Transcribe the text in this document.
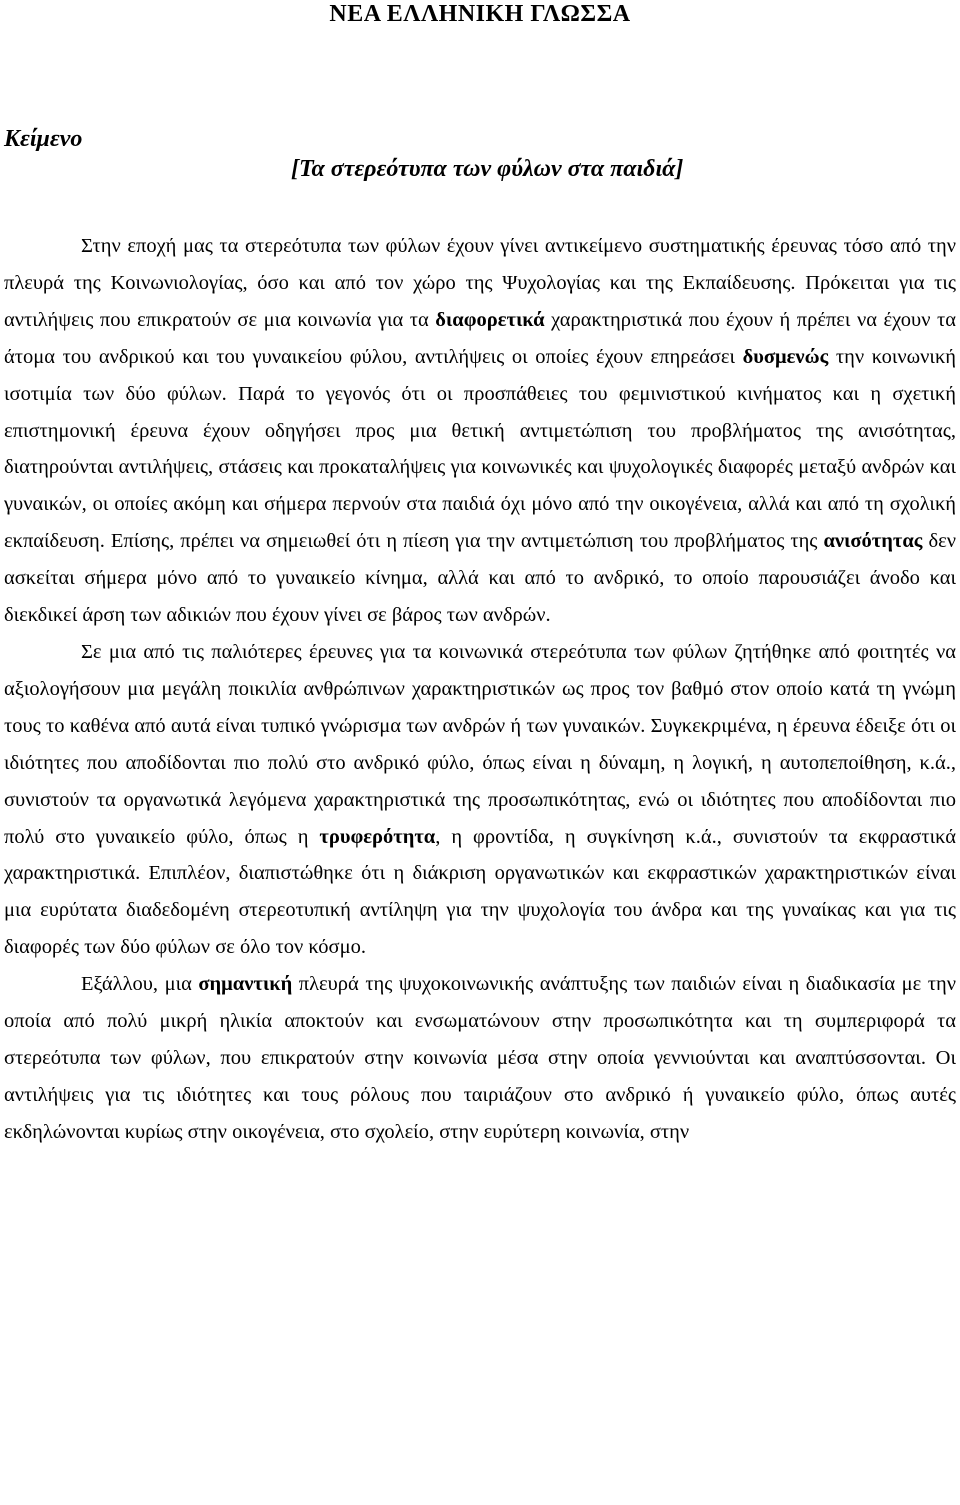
ΝΕΑ ΕΛΛΗΝΙΚΗ ΓΛΩΣΣΑ
Κείμενο
[Τα στερεότυπα των φύλων στα παιδιά]

Στην εποχή μας τα στερεότυπα των φύλων έχουν γίνει αντικείμενο συστηματικής έρευνας τόσο από την πλευρά της Κοινωνιολογίας, όσο και από τον χώρο της Ψυχολογίας και της Εκπαίδευσης. Πρόκειται για τις αντιλήψεις που επικρατούν σε μια κοινωνία για τα διαφορετικά χαρακτηριστικά που έχουν ή πρέπει να έχουν τα άτομα του ανδρικού και του γυναικείου φύλου, αντιλήψεις οι οποίες έχουν επηρεάσει δυσμενώς την κοινωνική ισοτιμία των δύο φύλων. Παρά το γεγονός ότι οι προσπάθειες του φεμινιστικού κινήματος και η σχετική επιστημονική έρευνα έχουν οδηγήσει προς μια θετική αντιμετώπιση του προβλήματος της ανισότητας, διατηρούνται αντιλήψεις, στάσεις και προκαταλήψεις για κοινωνικές και ψυχολογικές διαφορές μεταξύ ανδρών και γυναικών, οι οποίες ακόμη και σήμερα περνούν στα παιδιά όχι μόνο από την οικογένεια, αλλά και από τη σχολική εκπαίδευση. Επίσης, πρέπει να σημειωθεί ότι η πίεση για την αντιμετώπιση του προβλήματος της ανισότητας δεν ασκείται σήμερα μόνο από το γυναικείο κίνημα, αλλά και από το ανδρικό, το οποίο παρουσιάζει άνοδο και διεκδικεί άρση των αδικιών που έχουν γίνει σε βάρος των ανδρών.

Σε μια από τις παλιότερες έρευνες για τα κοινωνικά στερεότυπα των φύλων ζητήθηκε από φοιτητές να αξιολογήσουν μια μεγάλη ποικιλία ανθρώπινων χαρακτηριστικών ως προς τον βαθμό στον οποίο κατά τη γνώμη τους το καθένα από αυτά είναι τυπικό γνώρισμα των ανδρών ή των γυναικών. Συγκεκριμένα, η έρευνα έδειξε ότι οι ιδιότητες που αποδίδονται πιο πολύ στο ανδρικό φύλο, όπως είναι η δύναμη, η λογική, η αυτοπεποίθηση, κ.ά., συνιστούν τα οργανωτικά λεγόμενα χαρακτηριστικά της προσωπικότητας, ενώ οι ιδιότητες που αποδίδονται πιο πολύ στο γυναικείο φύλο, όπως η τρυφερότητα, η φροντίδα, η συγκίνηση κ.ά., συνιστούν τα εκφραστικά χαρακτηριστικά. Επιπλέον, διαπιστώθηκε ότι η διάκριση οργανωτικών και εκφραστικών χαρακτηριστικών είναι μια ευρύτατα διαδεδομένη στερεοτυπική αντίληψη για την ψυχολογία του άνδρα και της γυναίκας και για τις διαφορές των δύο φύλων σε όλο τον κόσμο.

Εξάλλου, μια σημαντική πλευρά της ψυχοκοινωνικής ανάπτυξης των παιδιών είναι η διαδικασία με την οποία από πολύ μικρή ηλικία αποκτούν και ενσωματώνουν στην προσωπικότητα και τη συμπεριφορά τα στερεότυπα των φύλων, που επικρατούν στην κοινωνία μέσα στην οποία γεννιούνται και αναπτύσσονται. Οι αντιλήψεις για τις ιδιότητες και τους ρόλους που ταιριάζουν στο ανδρικό ή γυναικείο φύλο, όπως αυτές εκδηλώνονται κυρίως στην οικογένεια, στο σχολείο, στην ευρύτερη κοινωνία, στην
